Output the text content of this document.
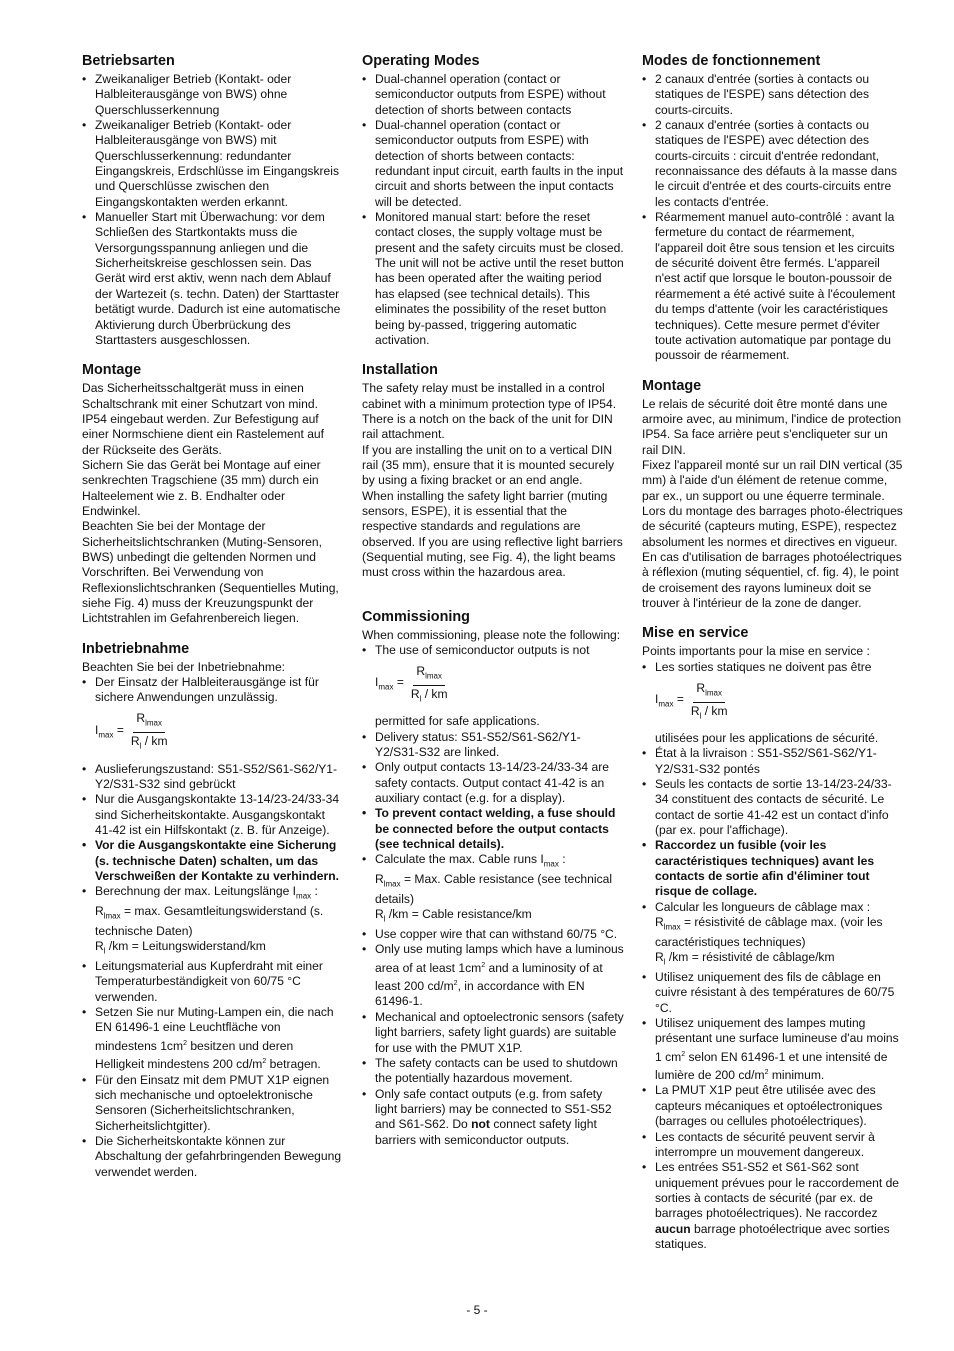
Betriebsarten
• Zweikanaliger Betrieb (Kontakt- oder Halbleiterausgänge von BWS) ohne Querschlusserkennung
• Zweikanaliger Betrieb (Kontakt- oder Halbleiterausgänge von BWS) mit Querschlusserkennung: redundanter Eingangskreis, Erdschlüsse im Eingangskreis und Querschlüsse zwischen den Eingangskontakten werden erkannt.
• Manueller Start mit Überwachung: vor dem Schließen des Startkontakts muss die Versorgungsspannung anliegen und die Sicherheitskreise geschlossen sein. Das Gerät wird erst aktiv, wenn nach dem Ablauf der Wartezeit (s. techn. Daten) der Starttaster betätigt wurde. Dadurch ist eine automatische Aktivierung durch Überbrückung des Starttasters ausgeschlossen.
Montage

Das Sicherheitsschaltgerät muss in einen Schaltschrank mit einer Schutzart von mind. IP54 eingebaut werden. Zur Befestigung auf einer Normschiene dient ein Rastelement auf der Rückseite des Geräts.

Sichern Sie das Gerät bei Montage auf einer senkrechten Tragschiene (35 mm) durch ein Halteelement wie z. B. Endhalter oder Endwinkel.

Beachten Sie bei der Montage der Sicherheitslichtschranken (Muting-Sensoren, BWS) unbedingt die geltenden Normen und Vorschriften. Bei Verwendung von Reflexionslichtschranken (Sequentielles Muting, siehe Fig. 4) muss der Kreuzungspunkt der Lichtstrahlen im Gefahrenbereich liegen.

Inbetriebnahme

Beachten Sie bei der Inbetriebnahme:

• Der Einsatz der Halbleiterausgänge ist für sichere Anwendungen unzulässig.
$I_{max} = \frac{R_{lmax}}{R_l / km}$
• Auslieferungszustand: S51-S52/S61-S62/Y1-Y2/S31-S32 sind gebrückt
• Nur die Ausgangskontakte 13-14/23-24/33-34 sind Sicherheitskontakte. Ausgangskontakt 41-42 ist ein Hilfskontakt (z. B. für Anzeige).
• Vor die Ausgangskontakte eine Sicherung (s. technische Daten) schalten, um das Verschweißen der Kontakte zu verhindern.
• Berechnung der max. Leitungslänge $I_{max}$ :
$R_{lmax} = \max$. Gesamtleitungswiderstand (s. technische Daten)
$R_l$ /km = Leitungswiderstand/km
• Leitungsmaterial aus Kupferdraht mit einer Temperaturbeständigkeit von 60/75 °C verwenden.
• Setzen Sie nur Muting-Lampen ein, die nach EN 61496-1 eine Leuchtfläche von mindestens $1cm^2$ besitzen und deren Helligkeit mindestens 200 $cd/m^2$ betragen.
• Für den Einsatz mit dem PMUT X1P eignen sich mechanische und optoelektronische Sensoren (Sicherheitslichtschranken, Sicherheitslichtgitter).
• Die Sicherheitskontakte können zur Abschaltung der gefahrbringenden Bewegung verwendet werden.
Operating Modes
• Dual-channel operation (contact or semiconductor outputs from ESPE) without detection of shorts between contacts
• Dual-channel operation (contact or semiconductor outputs from ESPE) with detection of shorts between contacts: redundant input circuit, earth faults in the input circuit and shorts between the input contacts will be detected.
• Monitored manual start: before the reset contact closes, the supply voltage must be present and the safety circuits must be closed. The unit will not be active until the reset button has been operated after the waiting period has elapsed (see technical details). This eliminates the possibility of the reset button being by-passed, triggering automatic activation.
Installation

The safety relay must be installed in a control cabinet with a minimum protection type of IP54. There is a notch on the back of the unit for DIN rail attachment.

If you are installing the unit on to a vertical DIN rail (35 mm), ensure that it is mounted securely by using a fixing bracket or an end angle.

When installing the safety light barrier (muting sensors, ESPE), it is essential that the respective standards and regulations are observed. If you are using reflective light barriers (Sequential muting, see Fig. 4), the light beams must cross within the hazardous area.

Commissioning

When commissioning, please note the following:

• The use of semiconductor outputs is not
$I_{max} = \frac{R_{lmax}}{R_l / km}$

permitted for safe applications.

• Delivery status: S51-S52/S61-S62/Y1-Y2/S31-S32 are linked.
• Only output contacts 13-14/23-24/33-34 are safety contacts. Output contact 41-42 is an auxiliary contact (e.g. for a display).
• To prevent contact welding, a fuse should be connected before the output contacts (see technical details).
• Calculate the max. Cable runs $I_{max}$ :
$R_{lmax}$ = Max. Cable resistance (see technical details)
$R_l$ /km = Cable resistance/km
• Use copper wire that can withstand 60/75 °C.
• Only use muting lamps which have a luminous area of at least $1cm^2$ and a luminosity of at least 200 $cd/m^2$, in accordance with EN 61496-1.
• Mechanical and optoelectronic sensors (safety light barriers, safety light guards) are suitable for use with the PMUT X1P.
• The safety contacts can be used to shutdown the potentially hazardous movement.
• Only safe contact outputs (e.g. from safety light barriers) may be connected to S51-S52 and S61-S62. Do not connect safety light barriers with semiconductor outputs.
Modes de fonctionnement
• 2 canaux d'entrée (sorties à contacts ou statiques de l'ESPE) sans détection des courts-circuits.
• 2 canaux d'entrée (sorties à contacts ou statiques de l'ESPE) avec détection des courts-circuits : circuit d'entrée redondant, reconnaissance des défauts à la masse dans le circuit d'entrée et des courts-circuits entre les contacts d'entrée.
• Réarmement manuel auto-contrôlé : avant la fermeture du contact de réarmement, l'appareil doit être sous tension et les circuits de sécurité doivent être fermés. L'appareil n'est actif que lorsque le bouton-poussoir de réarmement a été activé suite à l'écoulement du temps d'attente (voir les caractéristiques techniques). Cette mesure permet d'éviter toute activation automatique par pontage du poussoir de réarmement.
Montage

Le relais de sécurité doit être monté dans une armoire avec, au minimum, l'indice de protection IP54. Sa face arrière peut s'encliqueter sur un rail DIN.

Fixez l'appareil monté sur un rail DIN vertical (35 mm) à l'aide d'un élément de retenue comme, par ex., un support ou une équerre terminale.

Lors du montage des barrages photo-électriques de sécurité (capteurs muting, ESPE), respectez absolument les normes et directives en vigueur. En cas d'utilisation de barrages photoélectriques à réflexion (muting séquentiel, cf. fig. 4), le point de croisement des rayons lumineux doit se trouver à l'intérieur de la zone de danger.

Mise en service

Points importants pour la mise en service :

• Les sorties statiques ne doivent pas être
$I_{max} = \frac{R_{lmax}}{R_l / km}$

utilisées pour les applications de sécurité.

• État à la livraison : S51-S52/S61-S62/Y1-Y2/S31-S32 pontés
• Seuls les contacts de sortie 13-14/23-24/33-34 constituent des contacts de sécurité. Le contact de sortie 41-42 est un contact d'info (par ex. pour l'affichage).
• Raccordez un fusible (voir les caractéristiques techniques) avant les contacts de sortie afin d'éliminer tout risque de collage.
• Calcular les longueurs de câblage max :
$R_{lmax}$ = résistivité de câblage max. (voir les caractéristiques techniques)
$R_l$ /km = résistivité de câblage/km
• Utilisez uniquement des fils de câblage en cuivre résistant à des températures de 60/75 °C.
• Utilisez uniquement des lampes muting présentant une surface lumineuse d'au moins 1 $cm^2$ selon EN 61496-1 et une intensité de lumière de 200 $cd/m^2$ minimum.
• La PMUT X1P peut être utilisée avec des capteurs mécaniques et optoélectroniques (barrages ou cellules photoélectriques).
• Les contacts de sécurité peuvent servir à interrompre un mouvement dangereux.
• Les entrées S51-S52 et S61-S62 sont uniquement prévues pour le raccordement de sorties à contacts de sécurité (par ex. de barrages photoélectriques). Ne raccordez aucun barrage photoélectrique avec sorties statiques.
- 5 -
